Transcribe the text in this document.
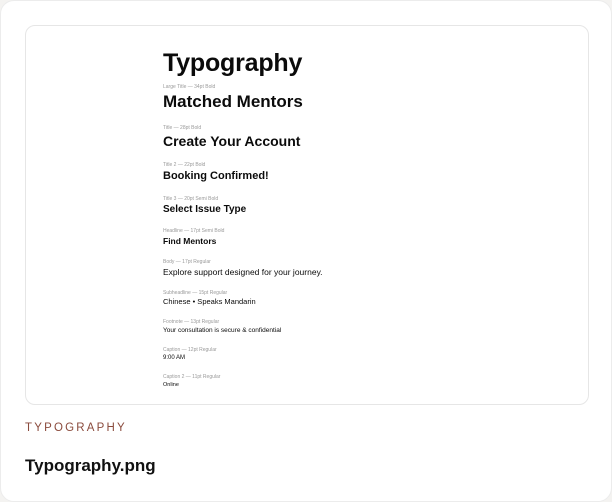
Typography
Large Title — 34pt Bold
Matched Mentors
Title — 28pt Bold
Create Your Account
Title 2 — 22pt Bold
Booking Confirmed!
Title 3 — 20pt Semi Bold
Select Issue Type
Headline — 17pt Semi Bold
Find Mentors
Body — 17pt Regular
Explore support designed for your journey.
Subheadline — 15pt Regular
Chinese • Speaks Mandarin
Footnote — 13pt Regular
Your consultation is secure & confidential
Caption — 12pt Regular
9:00 AM
Caption 2 — 11pt Regular
Online
TYPOGRAPHY
Typography.png
